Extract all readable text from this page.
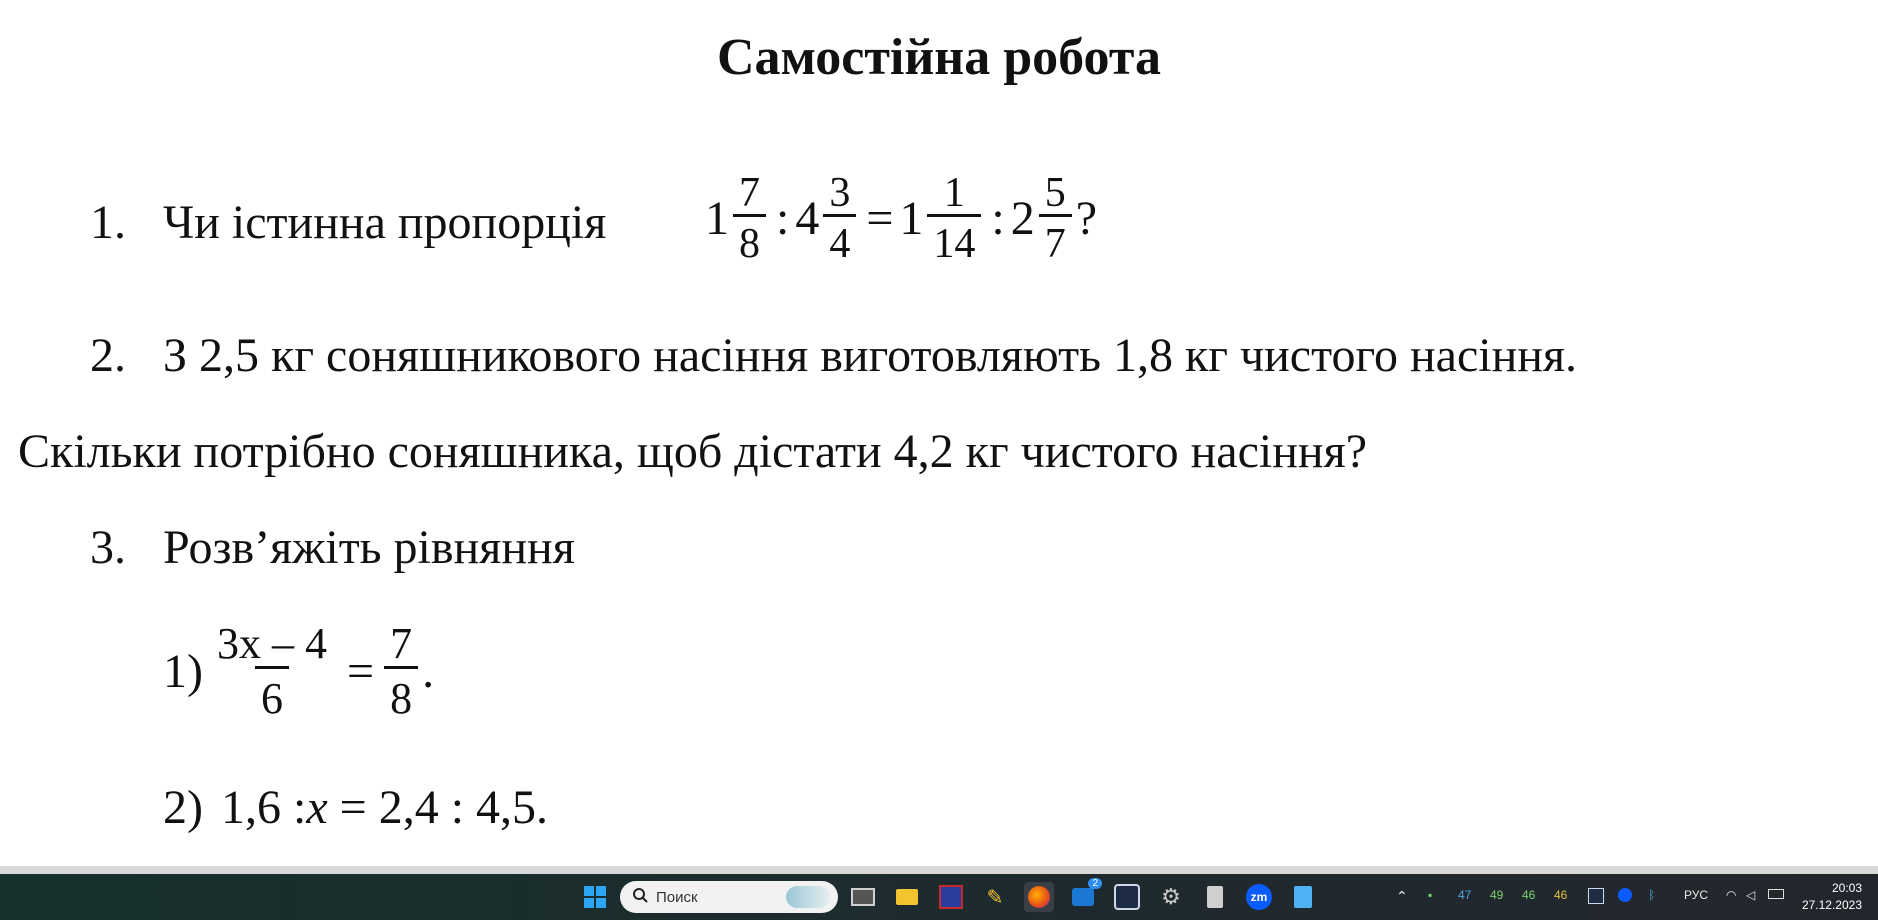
Самостійна робота
1. Чи істинна пропорція $1 \frac{7}{8}$ : $4 \frac{3}{4} = 1 \frac{1}{14}$ : $2 \frac{5}{7}$ ?
2. З 2,5 кг соняшникового насіння виготовляють 1,8 кг чистого насіння.
Скільки потрібно соняшника, щоб дістати 4,2 кг чистого насіння?
3. Розв’яжіть рівняння
$1) \frac{3x - 4}{6} = \frac{7}{8}$ .
2) 1,6 : x = 2,4 : 4,5.
Поиск	✎
2
⚙	zm	⌃ ▪ 47 49 46 46	ᛒ РУС ◠ ◁	20:03
27.12.2023
